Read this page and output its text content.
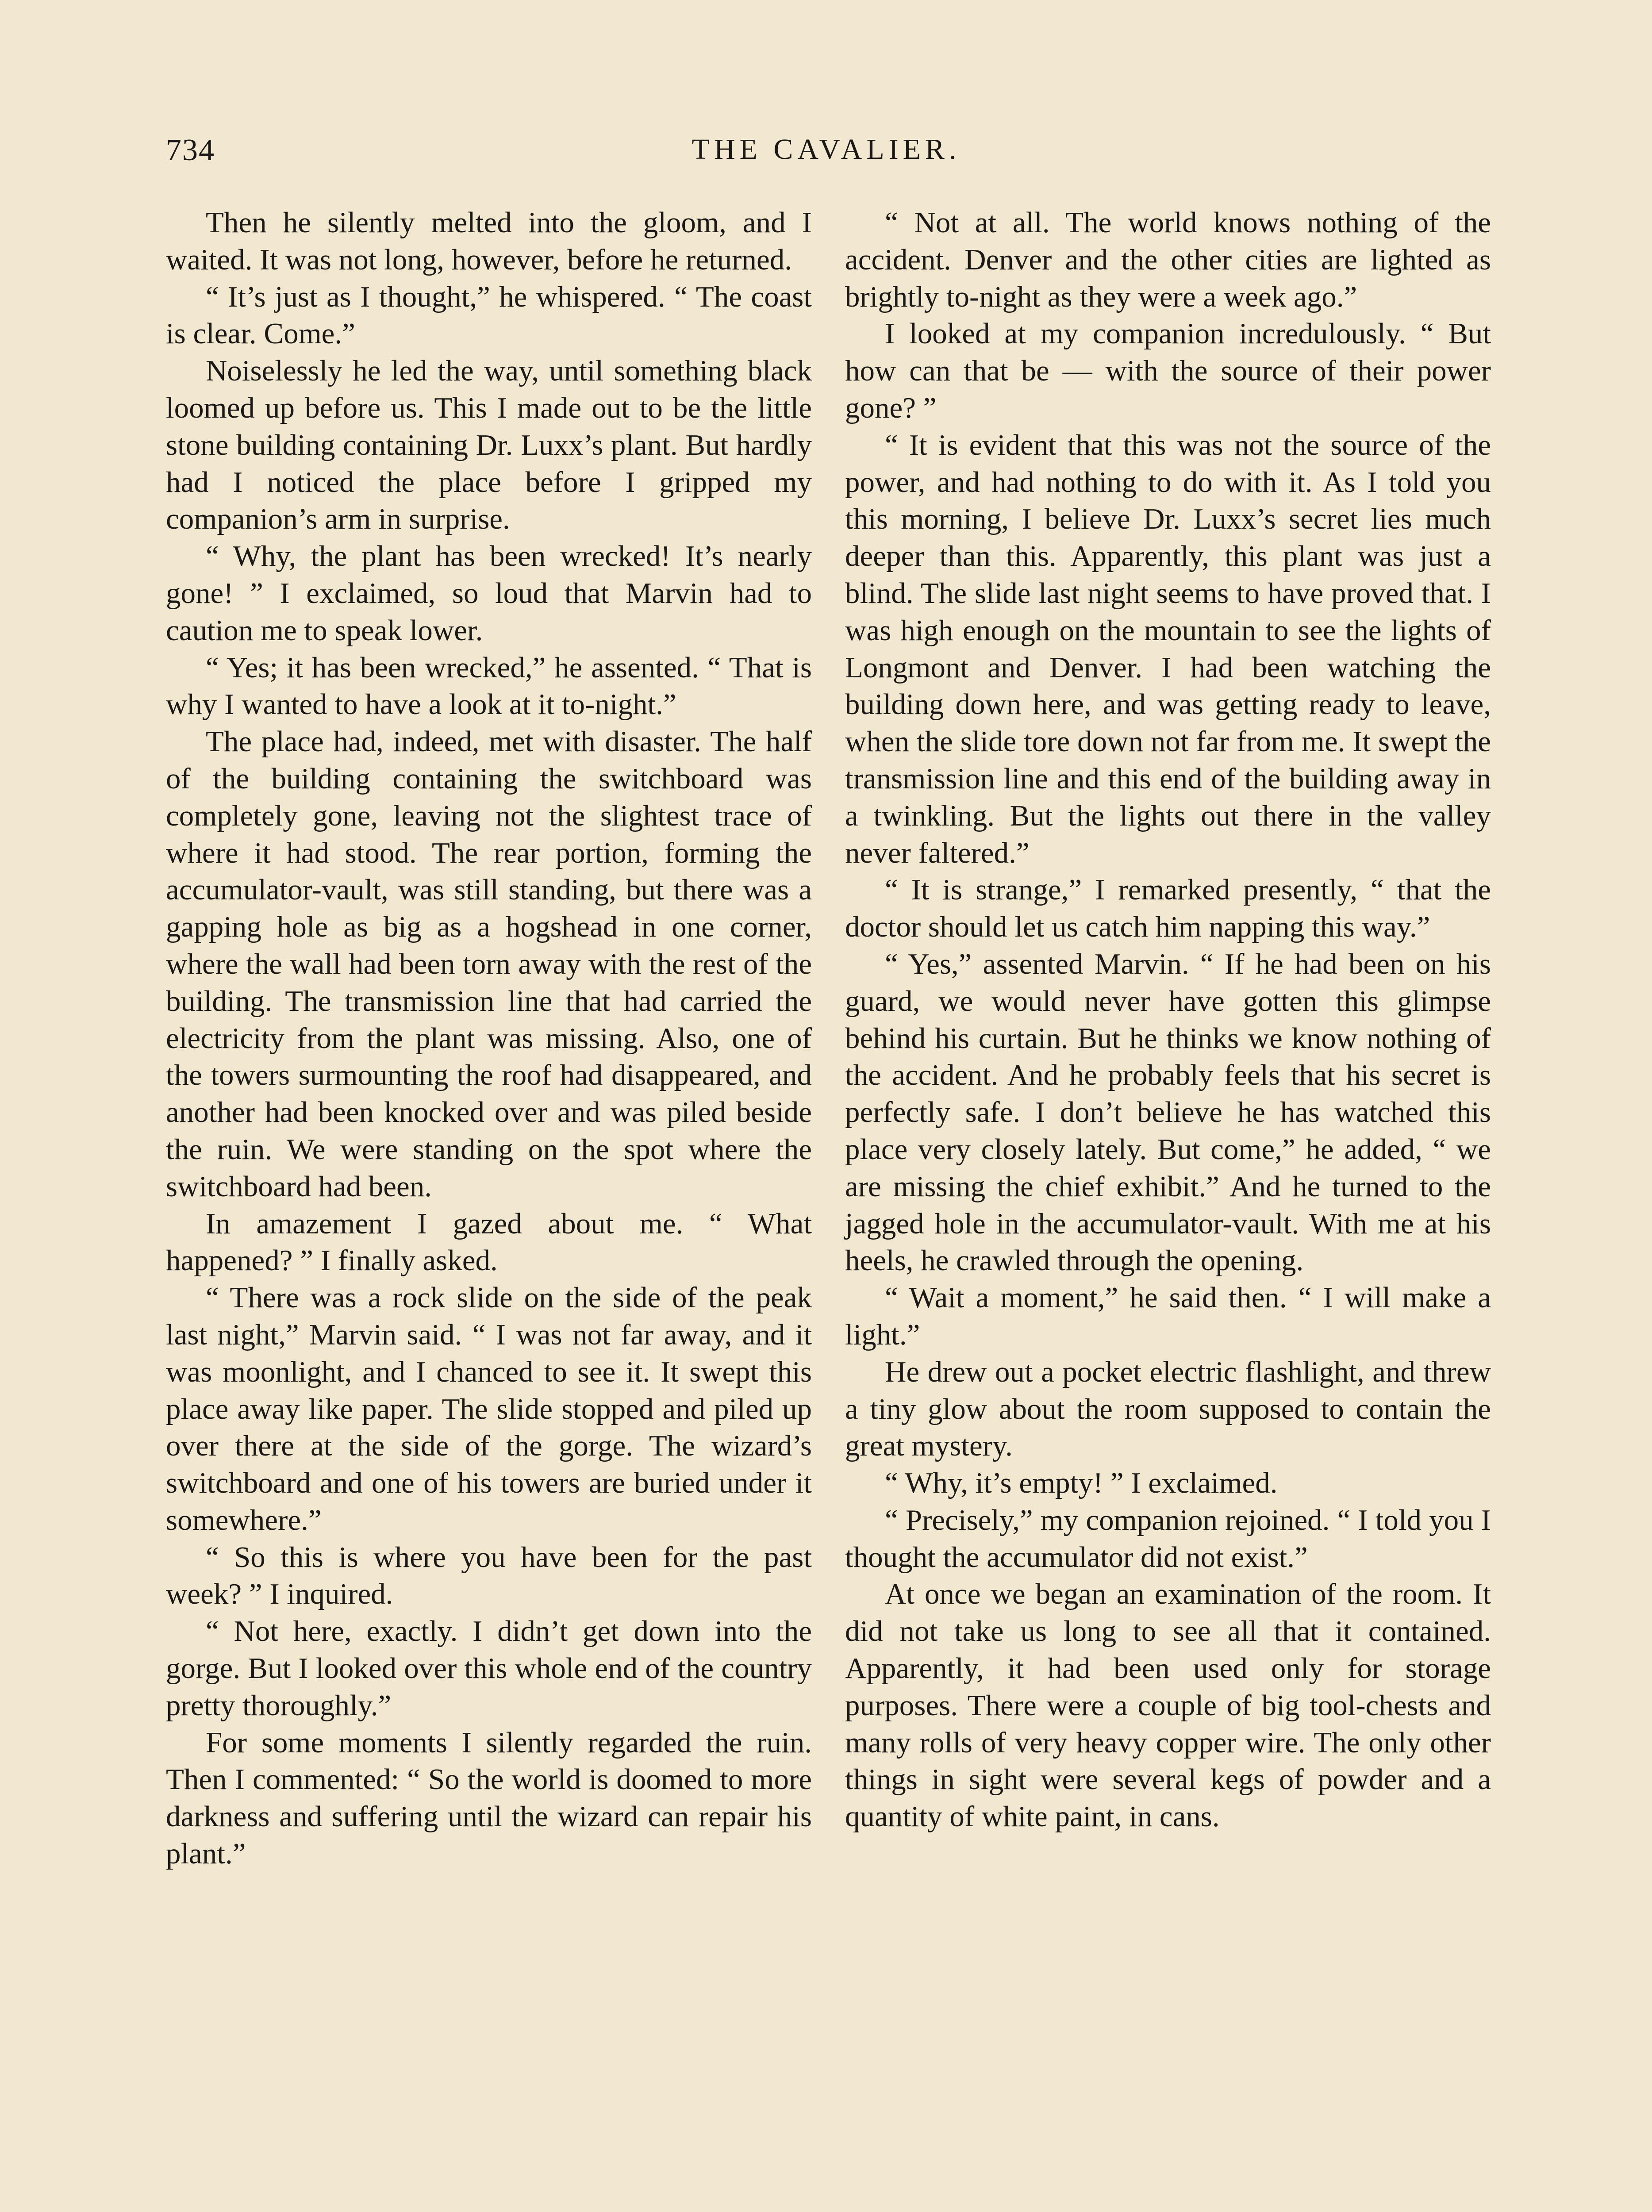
734	THE CAVALIER.

Then he silently melted into the gloom, and I waited. It was not long, however, before he returned.

“ It’s just as I thought,” he whispered. “ The coast is clear. Come.”

Noiselessly he led the way, until something black loomed up before us. This I made out to be the little stone building containing Dr. Luxx’s plant. But hardly had I noticed the place before I gripped my companion’s arm in surprise.

“ Why, the plant has been wrecked! It’s nearly gone! ” I exclaimed, so loud that Marvin had to caution me to speak lower.

“ Yes; it has been wrecked,” he assented. “ That is why I wanted to have a look at it to-night.”

The place had, indeed, met with disaster. The half of the building containing the switchboard was completely gone, leaving not the slightest trace of where it had stood. The rear portion, forming the accumulator-vault, was still standing, but there was a gapping hole as big as a hogshead in one corner, where the wall had been torn away with the rest of the building. The transmission line that had carried the electricity from the plant was missing. Also, one of the towers surmounting the roof had disappeared, and another had been knocked over and was piled beside the ruin. We were standing on the spot where the switchboard had been.

In amazement I gazed about me. “ What happened? ” I finally asked.

“ There was a rock slide on the side of the peak last night,” Marvin said. “ I was not far away, and it was moonlight, and I chanced to see it. It swept this place away like paper. The slide stopped and piled up over there at the side of the gorge. The wizard’s switchboard and one of his towers are buried under it somewhere.”

“ So this is where you have been for the past week? ” I inquired.

“ Not here, exactly. I didn’t get down into the gorge. But I looked over this whole end of the country pretty thoroughly.”

For some moments I silently regarded the ruin. Then I commented: “ So the world is doomed to more darkness and suffering until the wizard can repair his plant.”

“ Not at all. The world knows nothing of the accident. Denver and the other cities are lighted as brightly to-night as they were a week ago.”

I looked at my companion incredulously. “ But how can that be — with the source of their power gone? ”

“ It is evident that this was not the source of the power, and had nothing to do with it. As I told you this morning, I believe Dr. Luxx’s secret lies much deeper than this. Apparently, this plant was just a blind. The slide last night seems to have proved that. I was high enough on the mountain to see the lights of Longmont and Denver. I had been watching the building down here, and was getting ready to leave, when the slide tore down not far from me. It swept the transmission line and this end of the building away in a twinkling. But the lights out there in the valley never faltered.”

“ It is strange,” I remarked presently, “ that the doctor should let us catch him napping this way.”

“ Yes,” assented Marvin. “ If he had been on his guard, we would never have gotten this glimpse behind his curtain. But he thinks we know nothing of the accident. And he probably feels that his secret is perfectly safe. I don’t believe he has watched this place very closely lately. But come,” he added, “ we are missing the chief exhibit.” And he turned to the jagged hole in the accumulator-vault. With me at his heels, he crawled through the opening.

“ Wait a moment,” he said then. “ I will make a light.”

He drew out a pocket electric flashlight, and threw a tiny glow about the room supposed to contain the great mystery.

“ Why, it’s empty! ” I exclaimed.

“ Precisely,” my companion rejoined. “ I told you I thought the accumulator did not exist.”

At once we began an examination of the room. It did not take us long to see all that it contained. Apparently, it had been used only for storage purposes. There were a couple of big tool-chests and many rolls of very heavy copper wire. The only other things in sight were several kegs of powder and a quantity of white paint, in cans.
